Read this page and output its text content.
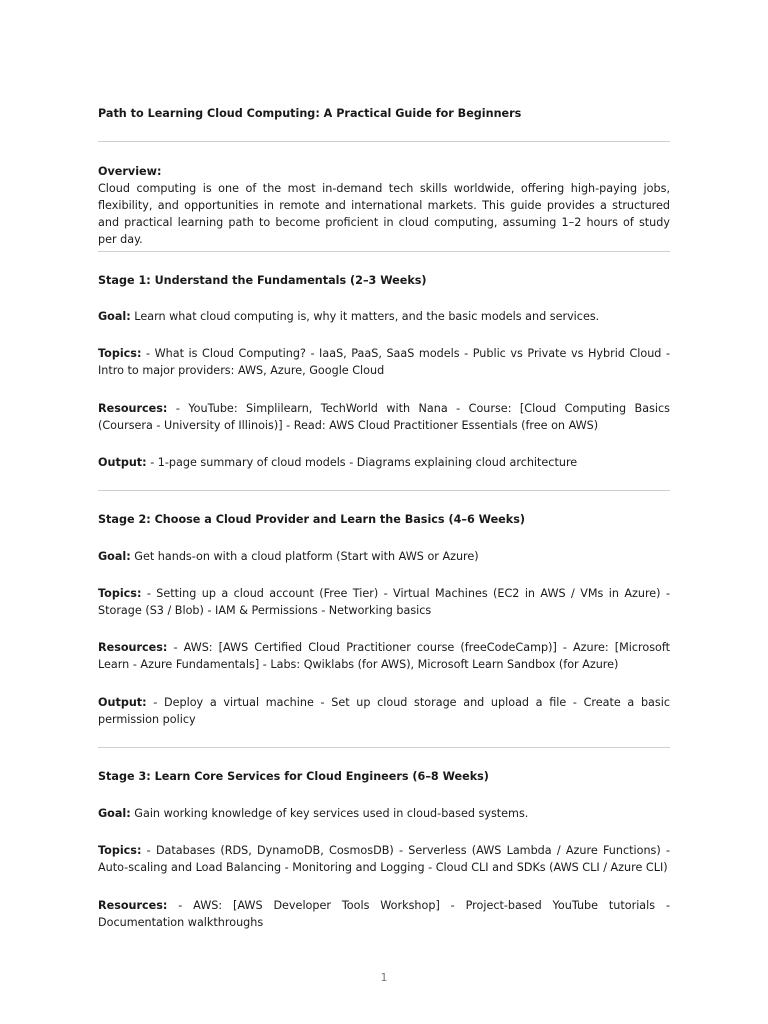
Path to Learning Cloud Computing: A Practical Guide for Beginners

Overview:
Cloud computing is one of the most in-demand tech skills worldwide, offering high-paying jobs, flexibility, and opportunities in remote and international markets. This guide provides a structured and practical learning path to become proficient in cloud computing, assuming 1–2 hours of study per day.

Stage 1: Understand the Fundamentals (2–3 Weeks)

Goal: Learn what cloud computing is, why it matters, and the basic models and services.

Topics: - What is Cloud Computing? - IaaS, PaaS, SaaS models - Public vs Private vs Hybrid Cloud - Intro to major providers: AWS, Azure, Google Cloud

Resources: - YouTube: Simplilearn, TechWorld with Nana - Course: [Cloud Computing Basics (Coursera - University of Illinois)] - Read: AWS Cloud Practitioner Essentials (free on AWS)

Output: - 1-page summary of cloud models - Diagrams explaining cloud architecture

Stage 2: Choose a Cloud Provider and Learn the Basics (4–6 Weeks)

Goal: Get hands-on with a cloud platform (Start with AWS or Azure)

Topics: - Setting up a cloud account (Free Tier) - Virtual Machines (EC2 in AWS / VMs in Azure) - Storage (S3 / Blob) - IAM & Permissions - Networking basics

Resources: - AWS: [AWS Certified Cloud Practitioner course (freeCodeCamp)] - Azure: [Microsoft Learn - Azure Fundamentals] - Labs: Qwiklabs (for AWS), Microsoft Learn Sandbox (for Azure)

Output: - Deploy a virtual machine - Set up cloud storage and upload a file - Create a basic permission policy

Stage 3: Learn Core Services for Cloud Engineers (6–8 Weeks)

Goal: Gain working knowledge of key services used in cloud-based systems.

Topics: - Databases (RDS, DynamoDB, CosmosDB) - Serverless (AWS Lambda / Azure Functions) - Auto-scaling and Load Balancing - Monitoring and Logging - Cloud CLI and SDKs (AWS CLI / Azure CLI)

Resources: - AWS: [AWS Developer Tools Workshop] - Project-based YouTube tutorials - Documentation walkthroughs

1
